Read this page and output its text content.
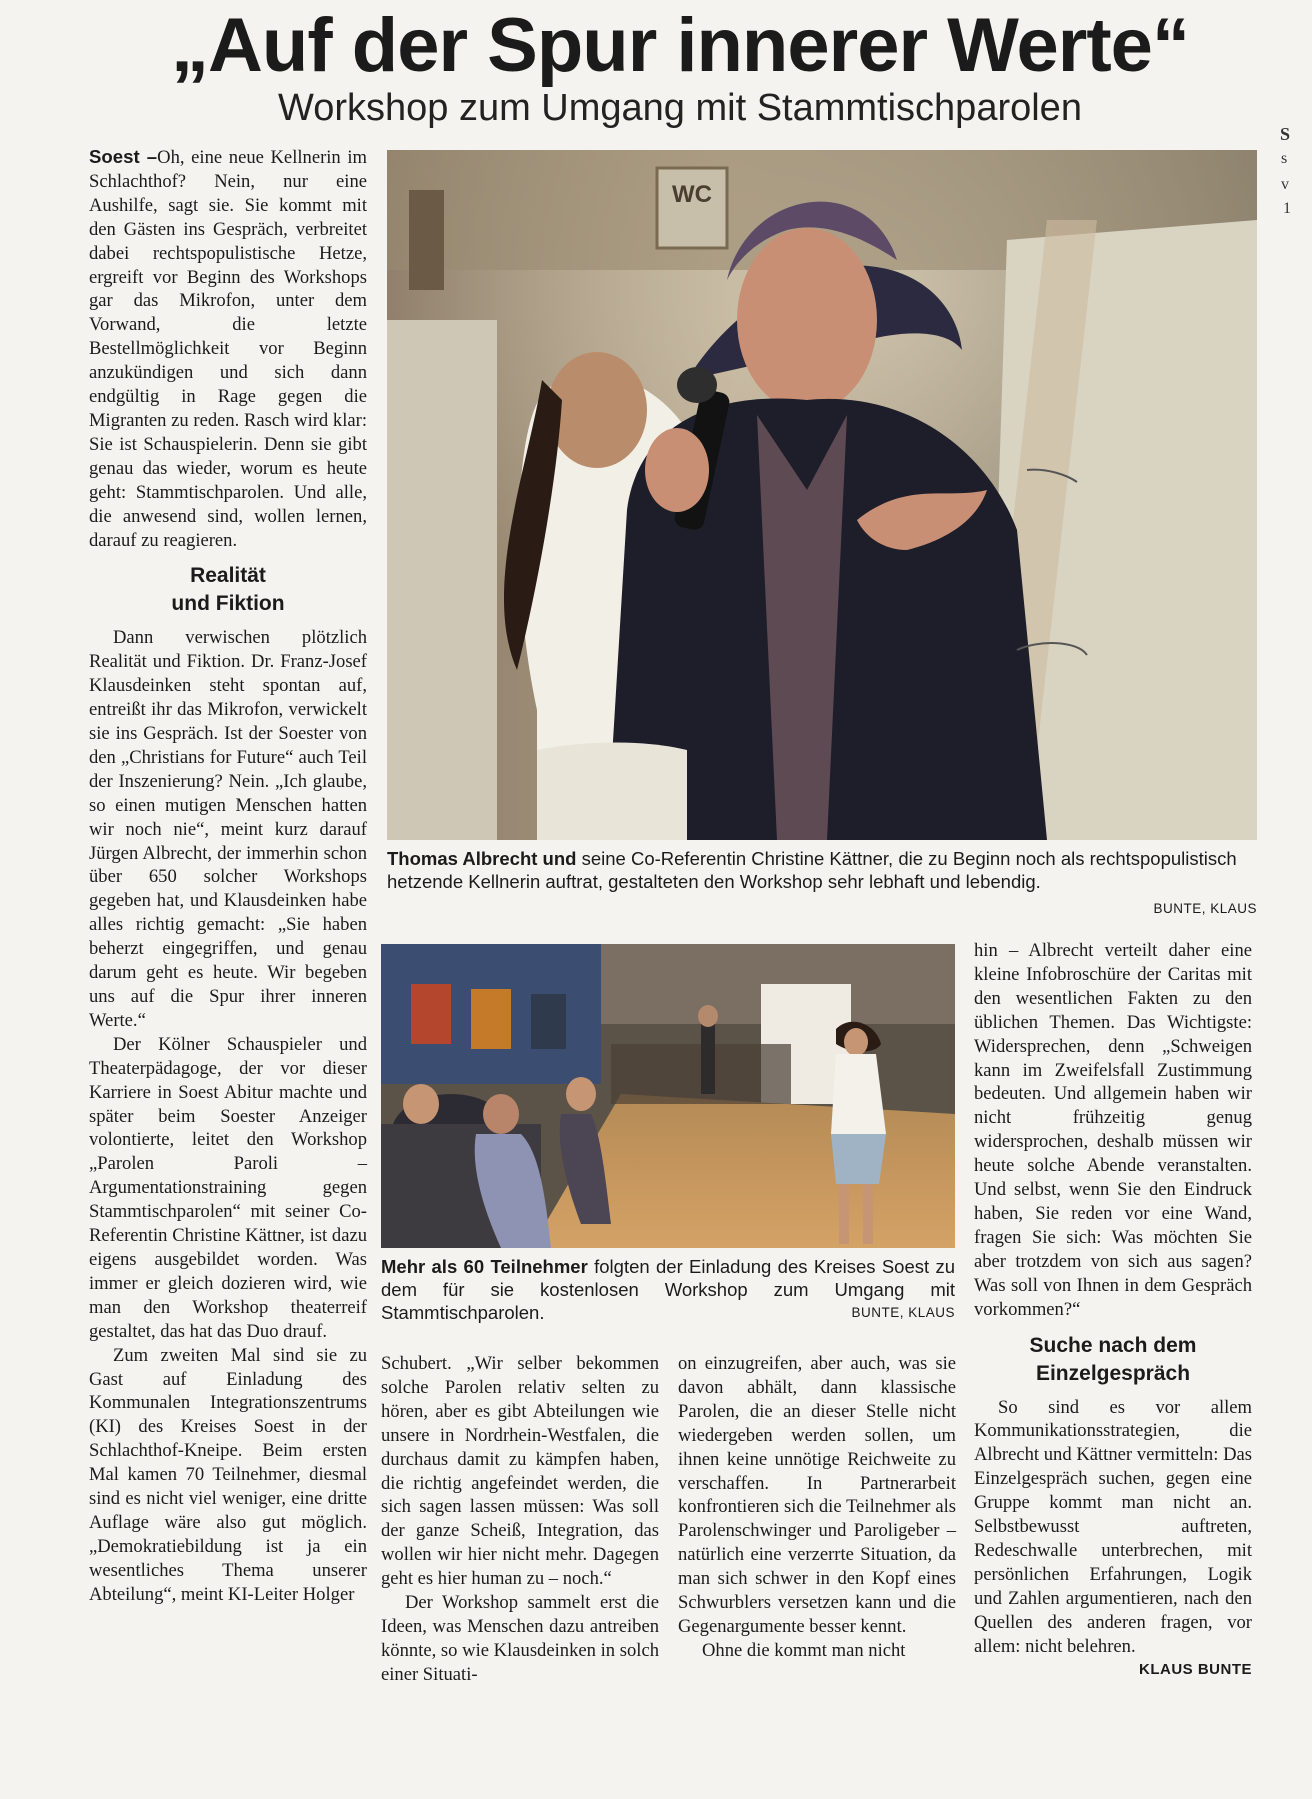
„Auf der Spur innerer Werte“
Workshop zum Umgang mit Stammtischparolen
S
s
v
1

Soest –Oh, eine neue Kellnerin im Schlachthof? Nein, nur eine Aushilfe, sagt sie. Sie kommt mit den Gästen ins Gespräch, verbreitet dabei rechtspopulistische Hetze, ergreift vor Beginn des Workshops gar das Mikrofon, unter dem Vorwand, die letzte Bestellmöglichkeit vor Beginn anzukündigen und sich dann endgültig in Rage gegen die Migranten zu reden. Rasch wird klar: Sie ist Schauspielerin. Denn sie gibt genau das wieder, worum es heute geht: Stammtischparolen. Und alle, die anwesend sind, wollen lernen, darauf zu reagieren.

Realität
und Fiktion

Dann verwischen plötzlich Realität und Fiktion. Dr. Franz-Josef Klausdeinken steht spontan auf, entreißt ihr das Mikrofon, verwickelt sie ins Gespräch. Ist der Soester von den „Christians for Future“ auch Teil der Inszenierung? Nein. „Ich glaube, so einen mutigen Menschen hatten wir noch nie“, meint kurz darauf Jürgen Albrecht, der immerhin schon über 650 solcher Workshops gegeben hat, und Klausdeinken habe alles richtig gemacht: „Sie haben beherzt eingegriffen, und genau darum geht es heute. Wir begeben uns auf die Spur ihrer inneren Werte.“

Der Kölner Schauspieler und Theaterpädagoge, der vor dieser Karriere in Soest Abitur machte und später beim Soester Anzeiger volontierte, leitet den Workshop „Parolen Paroli – Argumentationstraining gegen Stammtischparolen“ mit seiner Co-Referentin Christine Kättner, ist dazu eigens ausgebildet worden. Was immer er gleich dozieren wird, wie man den Workshop theaterreif gestaltet, das hat das Duo drauf.

Zum zweiten Mal sind sie zu Gast auf Einladung des Kommunalen Integrationszentrums (KI) des Kreises Soest in der Schlachthof-Kneipe. Beim ersten Mal kamen 70 Teilnehmer, diesmal sind es nicht viel weniger, eine dritte Auflage wäre also gut möglich. „Demokratiebildung ist ja ein wesentliches Thema unserer Abteilung“, meint KI-Leiter Holger

WC
Thomas Albrecht und seine Co-Referentin Christine Kättner, die zu Beginn noch als rechtspopulistisch hetzende Kellnerin auftrat, gestalteten den Workshop sehr lebhaft und lebendig.
BUNTE, KLAUS
Mehr als 60 Teilnehmer folgten der Einladung des Kreises Soest zu dem für sie kostenlosen Workshop zum Umgang mit Stammtischparolen.	BUNTE, KLAUS

Schubert. „Wir selber bekommen solche Parolen relativ selten zu hören, aber es gibt Abteilungen wie unsere in Nordrhein-Westfalen, die durchaus damit zu kämpfen haben, die richtig angefeindet werden, die sich sagen lassen müssen: Was soll der ganze Scheiß, Integration, das wollen wir hier nicht mehr. Dagegen geht es hier human zu – noch.“

Der Workshop sammelt erst die Ideen, was Menschen dazu antreiben könnte, so wie Klausdeinken in solch einer Situati-

on einzugreifen, aber auch, was sie davon abhält, dann klassische Parolen, die an dieser Stelle nicht wiedergeben werden sollen, um ihnen keine unnötige Reichweite zu verschaffen. In Partnerarbeit konfrontieren sich die Teilnehmer als Parolenschwinger und Paroligeber – natürlich eine verzerrte Situation, da man sich schwer in den Kopf eines Schwurblers versetzen kann und die Gegenargumente besser kennt.

Ohne die kommt man nicht

hin – Albrecht verteilt daher eine kleine Infobroschüre der Caritas mit den wesentlichen Fakten zu den üblichen Themen. Das Wichtigste: Widersprechen, denn „Schweigen kann im Zweifelsfall Zustimmung bedeuten. Und allgemein haben wir nicht frühzeitig genug widersprochen, deshalb müssen wir heute solche Abende veranstalten. Und selbst, wenn Sie den Eindruck haben, Sie reden vor eine Wand, fragen Sie sich: Was möchten Sie aber trotzdem von sich aus sagen? Was soll von Ihnen in dem Gespräch vorkommen?“

Suche nach dem
Einzelgespräch

So sind es vor allem Kommunikationsstrategien, die Albrecht und Kättner vermitteln: Das Einzelgespräch suchen, gegen eine Gruppe kommt man nicht an. Selbstbewusst auftreten, Redeschwalle unterbrechen, mit persönlichen Erfahrungen, Logik und Zahlen argumentieren, nach den Quellen des anderen fragen, vor allem: nicht belehren.
KLAUS BUNTE
